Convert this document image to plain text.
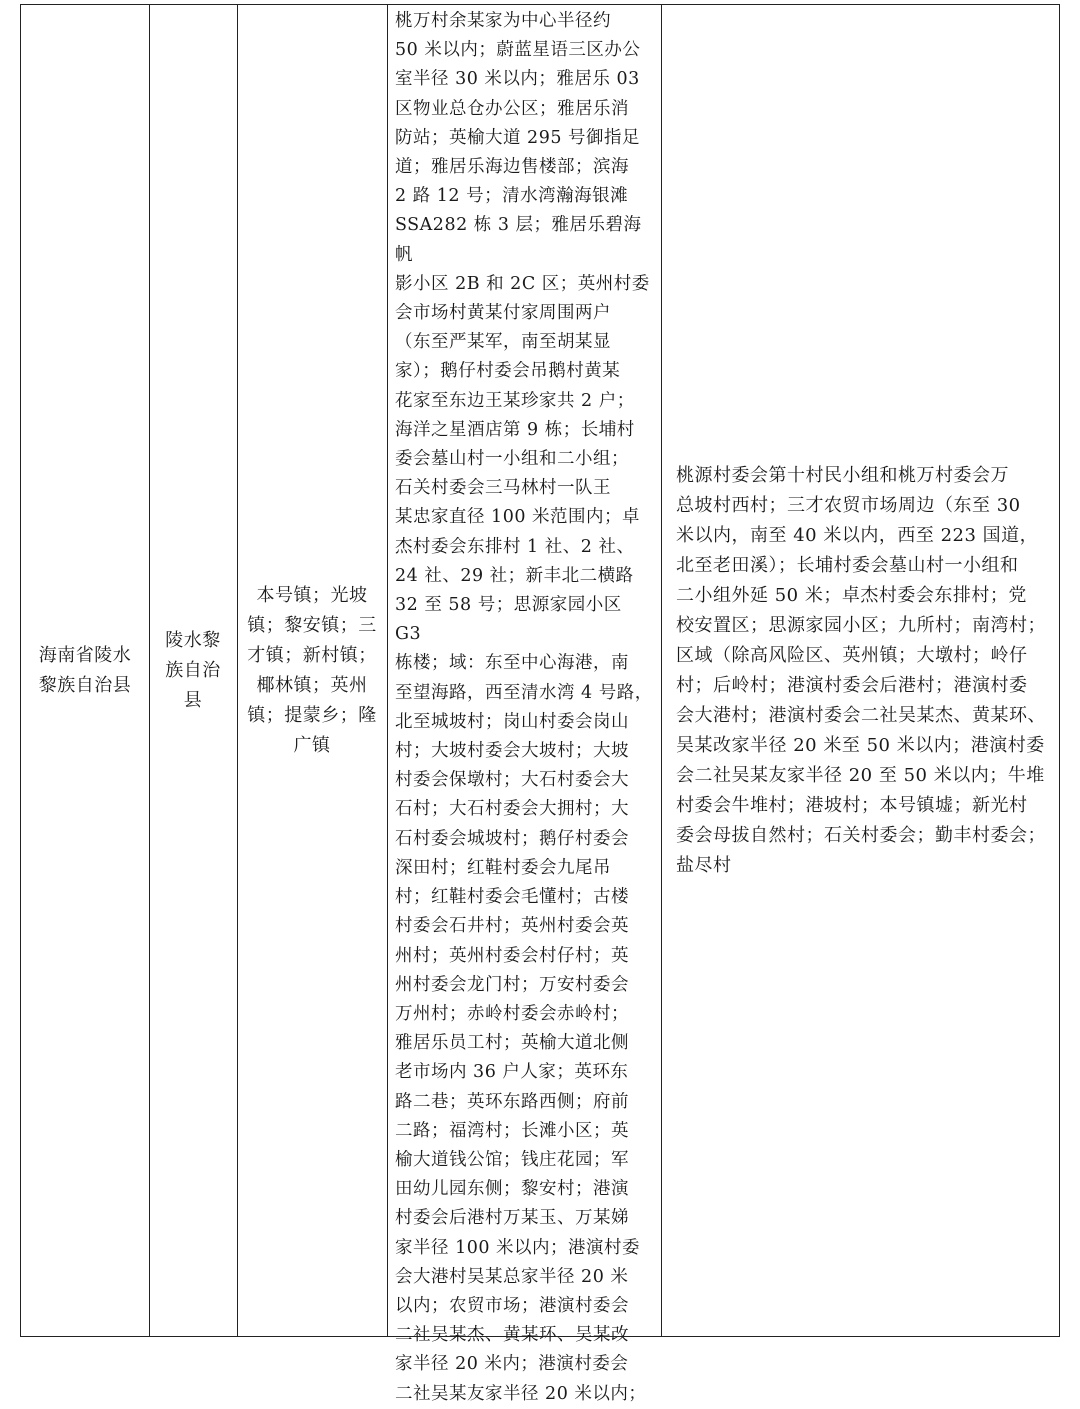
海南省陵水
黎族自治县
陵水黎
族自治
县
本号镇；光坡
镇；黎安镇；三
才镇；新村镇；
椰林镇；英州
镇；提蒙乡；隆
广镇
桃万村余某家为中心半径约
50 米以内；蔚蓝星语三区办公
室半径 30 米以内；雅居乐 03
区物业总仓办公区；雅居乐消
防站；英榆大道 295 号御指足
道；雅居乐海边售楼部；滨海
2 路 12 号；清水湾瀚海银滩
SSA282 栋 3 层；雅居乐碧海帆
影小区 2B 和 2C 区；英州村委
会市场村黄某付家周围两户
（东至严某军，南至胡某显
家）；鹅仔村委会吊鹅村黄某
花家至东边王某珍家共 2 户；
海洋之星酒店第 9 栋；长埔村
委会墓山村一小组和二小组；
石关村委会三马林村一队王
某忠家直径 100 米范围内；卓
杰村委会东排村 1 社、2 社、
24 社、29 社；新丰北二横路
32 至 58 号；思源家园小区 G3
栋楼；域：东至中心海港，南
至望海路，西至清水湾 4 号路，
北至城坡村；岗山村委会岗山
村；大坡村委会大坡村；大坡
村委会保墩村；大石村委会大
石村；大石村委会大拥村；大
石村委会城坡村；鹅仔村委会
深田村；红鞋村委会九尾吊
村；红鞋村委会毛懂村；古楼
村委会石井村；英州村委会英
州村；英州村委会村仔村；英
州村委会龙门村；万安村委会
万州村；赤岭村委会赤岭村；
雅居乐员工村；英榆大道北侧
老市场内 36 户人家；英环东
路二巷；英环东路西侧；府前
二路；福湾村；长滩小区；英
榆大道钱公馆；钱庄花园；军
田幼儿园东侧；黎安村；港演
村委会后港村万某玉、万某娣
家半径 100 米以内；港演村委
会大港村吴某总家半径 20 米
以内；农贸市场；港演村委会
二社吴某杰、黄某环、吴某改
家半径 20 米内；港演村委会
二社吴某友家半径 20 米以内；
桃源村委会第十村民小组和桃万村委会万
总坡村西村；三才农贸市场周边（东至 30
米以内，南至 40 米以内，西至 223 国道，
北至老田溪）；长埔村委会墓山村一小组和
二小组外延 50 米；卓杰村委会东排村；党
校安置区；思源家园小区；九所村；南湾村；
区域（除高风险区、英州镇；大墩村；岭仔
村；后岭村；港演村委会后港村；港演村委
会大港村；港演村委会二社吴某杰、黄某环、
吴某改家半径 20 米至 50 米以内；港演村委
会二社吴某友家半径 20 至 50 米以内；牛堆
村委会牛堆村；港坡村；本号镇墟；新光村
委会母拔自然村；石关村委会；勤丰村委会；
盐尽村
